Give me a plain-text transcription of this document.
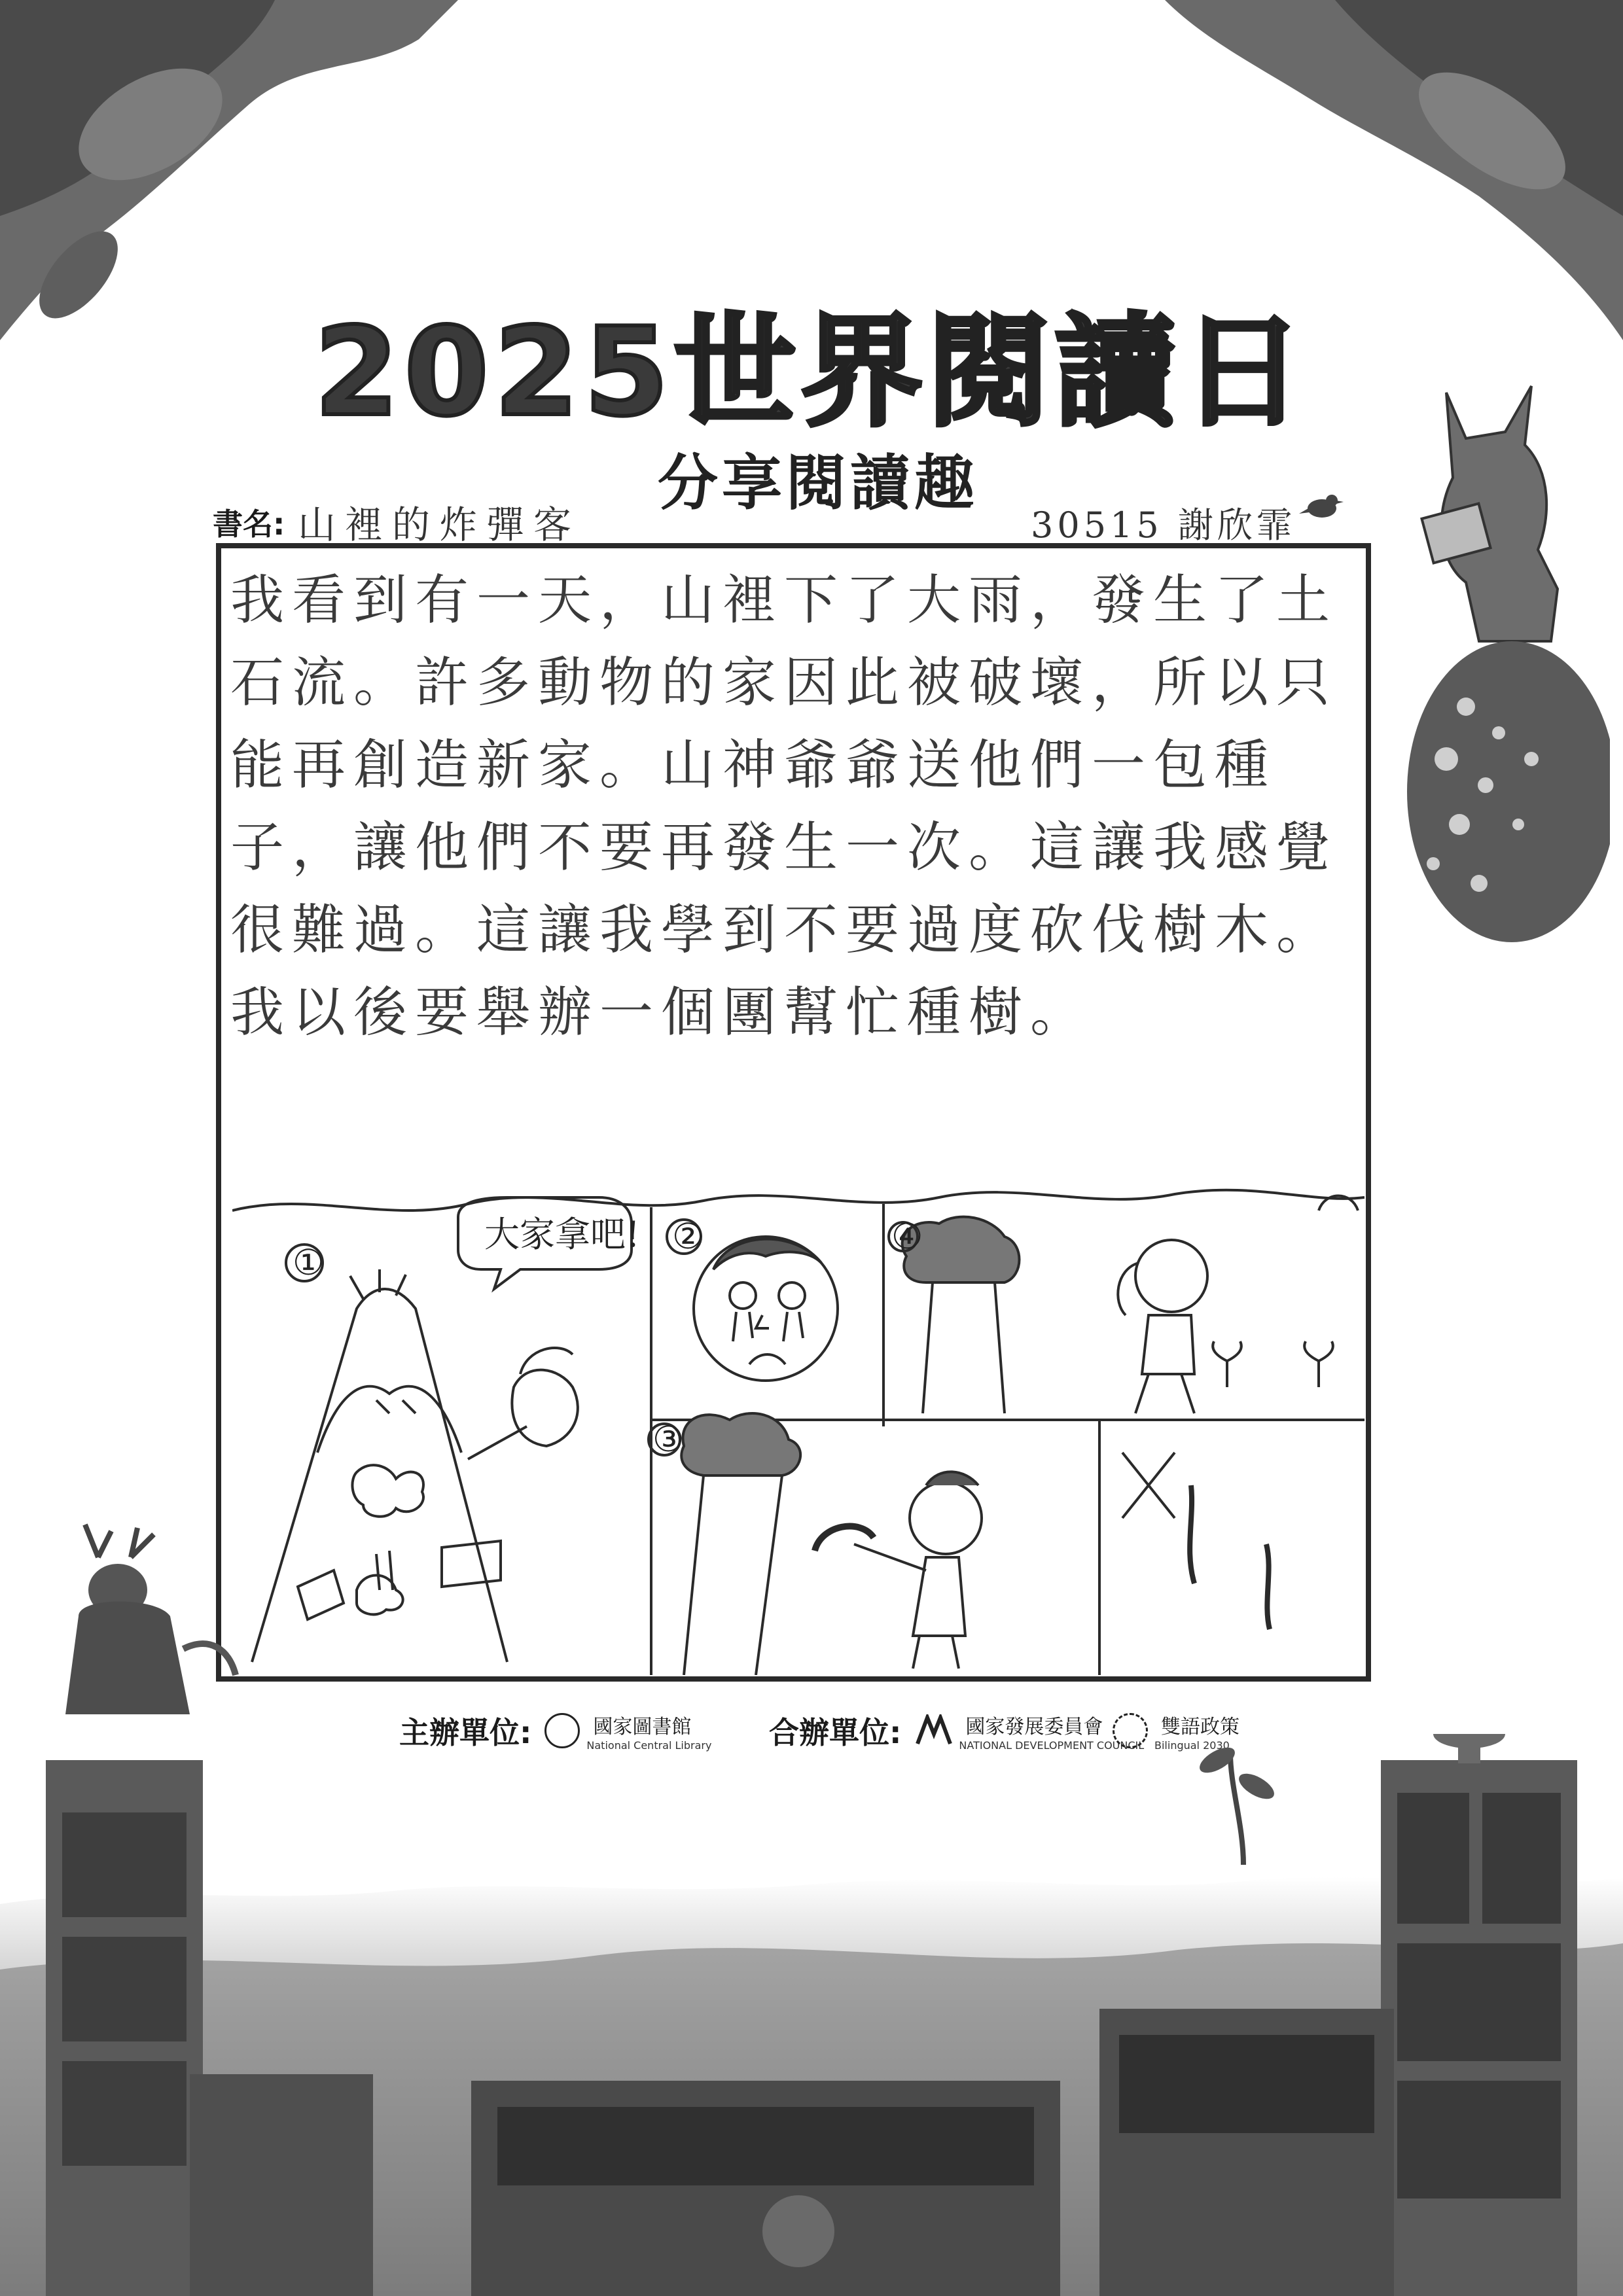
2025世界閱讀日
分享閱讀趣
書名: 山裡的炸彈客	30515 謝欣霏
我看到有一天，山裡下了大雨，發生了土石流。許多動物的家因此被破壞，所以只能再創造新家。山神爺爺送他們一包種子，讓他們不要再發生一次。這讓我感覺很難過。這讓我學到不要過度砍伐樹木。我以後要舉辦一個團幫忙種樹。
大家拿吧!
①
②
③
④
主辦單位:	國家圖書館
National Central Library 合辦單位:	國家發展委員會
NATIONAL DEVELOPMENT COUNCIL
雙語政策
Bilingual 2030
